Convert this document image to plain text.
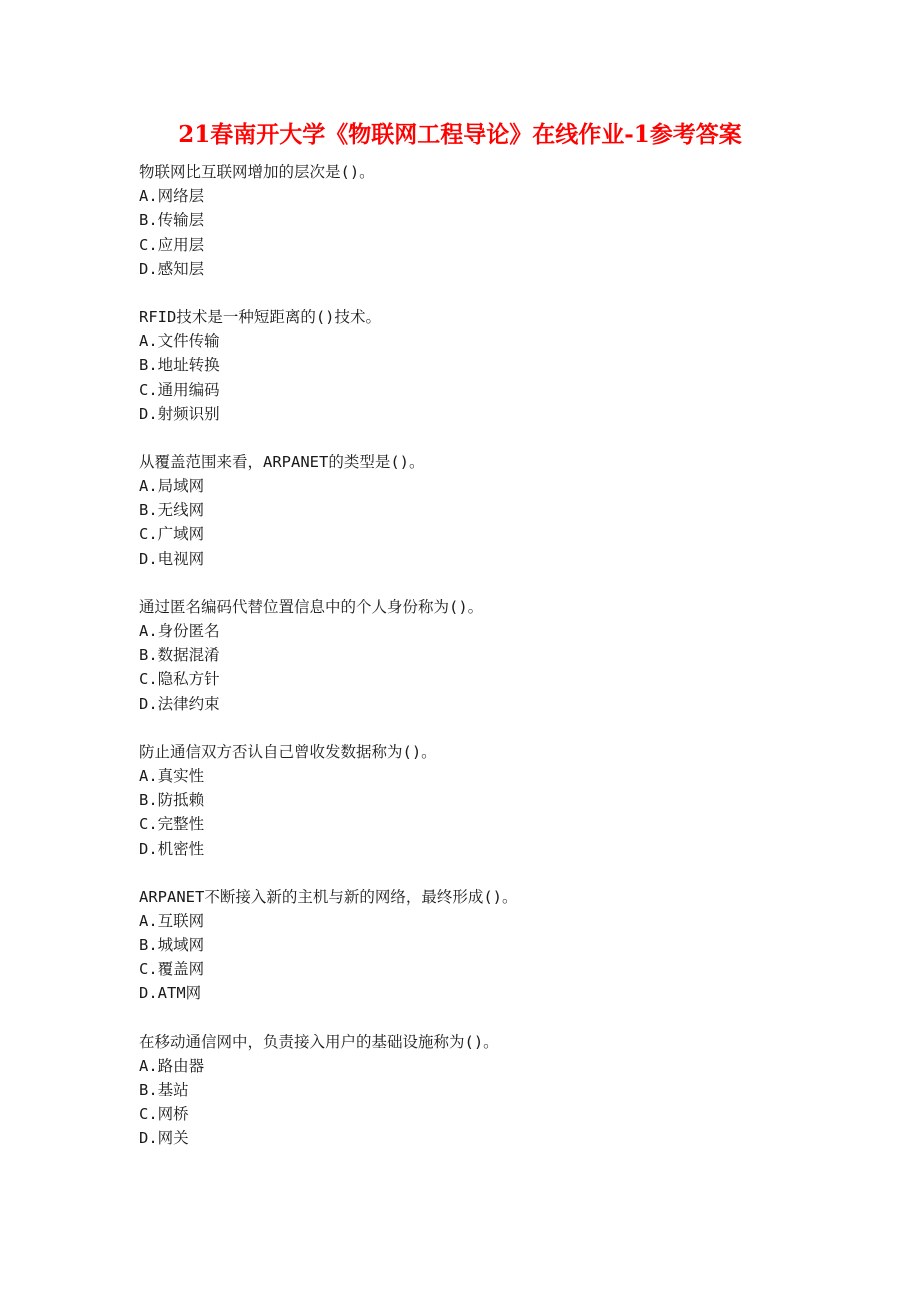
21春南开大学《物联网工程导论》在线作业-1参考答案
物联网比互联网增加的层次是()。
A.网络层
B.传输层
C.应用层
D.感知层
RFID技术是一种短距离的()技术。
A.文件传输
B.地址转换
C.通用编码
D.射频识别
从覆盖范围来看，ARPANET的类型是()。
A.局域网
B.无线网
C.广域网
D.电视网
通过匿名编码代替位置信息中的个人身份称为()。
A.身份匿名
B.数据混淆
C.隐私方针
D.法律约束
防止通信双方否认自己曾收发数据称为()。
A.真实性
B.防抵赖
C.完整性
D.机密性
ARPANET不断接入新的主机与新的网络，最终形成()。
A.互联网
B.城域网
C.覆盖网
D.ATM网
在移动通信网中，负责接入用户的基础设施称为()。
A.路由器
B.基站
C.网桥
D.网关
